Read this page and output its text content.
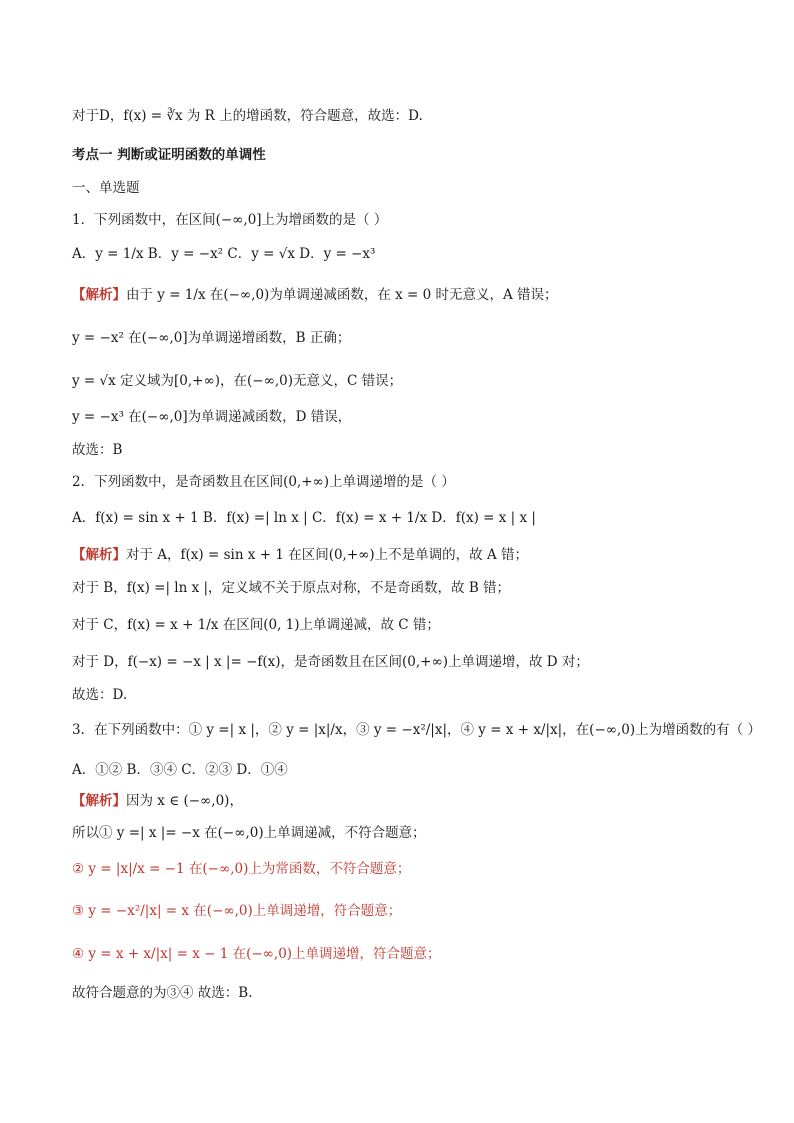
对于D，f(x) = ∛x 为 R 上的增函数，符合题意，故选：D.
考点一 判断或证明函数的单调性
一、单选题
1．下列函数中，在区间(−∞,0]上为增函数的是（ ）
A．y = 1/x B．y = −x² C．y = √x D．y = −x³
【解析】由于 y = 1/x 在(−∞,0)为单调递减函数，在 x = 0 时无意义，A 错误；
y = −x² 在(−∞,0]为单调递增函数，B 正确；
y = √x 定义域为[0,+∞)，在(−∞,0)无意义，C 错误；
y = −x³ 在(−∞,0]为单调递减函数，D 错误，
故选：B
2．下列函数中，是奇函数且在区间(0,+∞)上单调递增的是（ ）
A．f(x) = sin x + 1 B．f(x) =| ln x | C．f(x) = x + 1/x D．f(x) = x | x |
【解析】对于 A，f(x) = sin x + 1 在区间(0,+∞)上不是单调的，故 A 错；
对于 B，f(x) =| ln x |，定义域不关于原点对称，不是奇函数，故 B 错；
对于 C，f(x) = x + 1/x 在区间(0, 1)上单调递减，故 C 错；
对于 D，f(−x) = −x | x |= −f(x)，是奇函数且在区间(0,+∞)上单调递增，故 D 对；
故选：D.
3．在下列函数中：① y =| x |，② y = |x|/x，③ y = −x²/|x|，④ y = x + x/|x|，在(−∞,0)上为增函数的有（ ）
A．①② B．③④ C．②③ D．①④
【解析】因为 x ∈ (−∞,0)，
所以① y =| x |= −x 在(−∞,0)上单调递减，不符合题意；
② y = |x|/x = −1 在(−∞,0)上为常函数，不符合题意；
③ y = −x²/|x| = x 在(−∞,0)上单调递增，符合题意；
④ y = x + x/|x| = x − 1 在(−∞,0)上单调递增，符合题意；
故符合题意的为③④ 故选：B.
